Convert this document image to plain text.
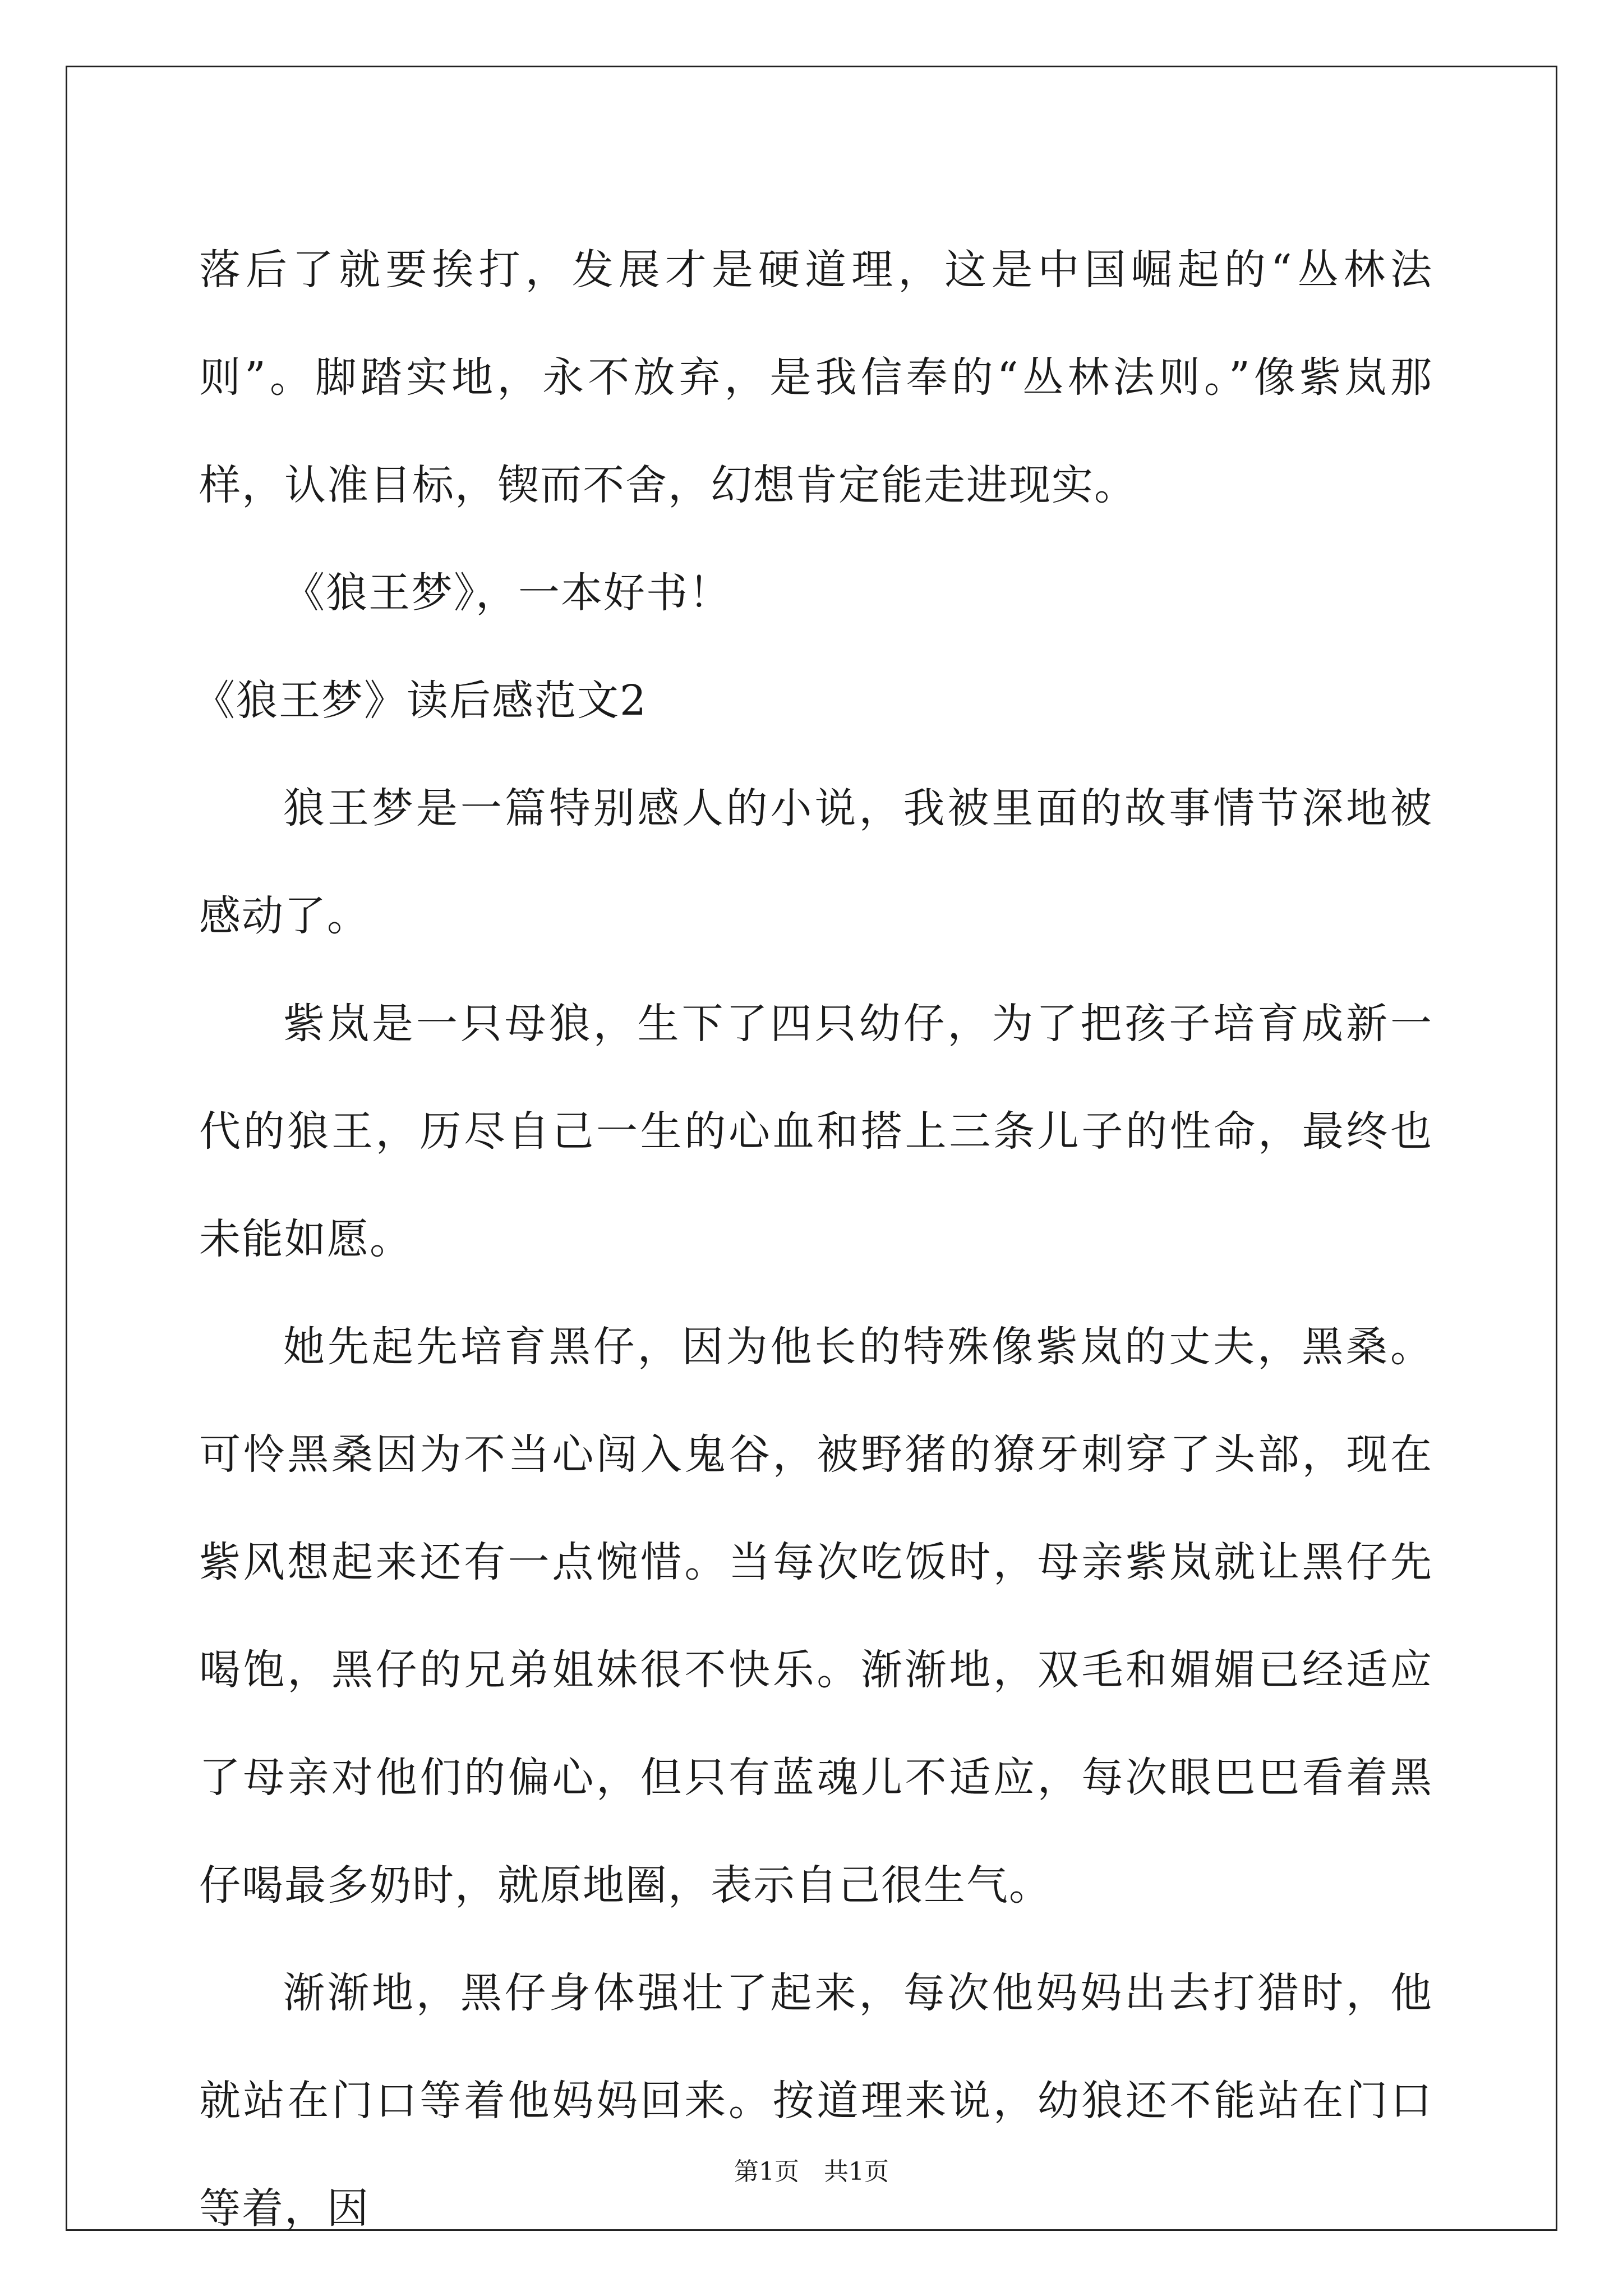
落后了就要挨打，发展才是硬道理，这是中国崛起的“丛林法则”。脚踏实地，永不放弃，是我信奉的“丛林法则。”像紫岚那样，认准目标，锲而不舍，幻想肯定能走进现实。

《狼王梦》，一本好书！

《狼王梦》读后感范文2

狼王梦是一篇特别感人的小说，我被里面的故事情节深地被感动了。

紫岚是一只母狼，生下了四只幼仔，为了把孩子培育成新一代的狼王，历尽自己一生的心血和搭上三条儿子的性命，最终也未能如愿。

她先起先培育黑仔，因为他长的特殊像紫岚的丈夫，黑桑。可怜黑桑因为不当心闯入鬼谷，被野猪的獠牙刺穿了头部，现在紫风想起来还有一点惋惜。当每次吃饭时，母亲紫岚就让黑仔先喝饱，黑仔的兄弟姐妹很不快乐。渐渐地，双毛和媚媚已经适应了母亲对他们的偏心，但只有蓝魂儿不适应，每次眼巴巴看着黑仔喝最多奶时，就原地圈，表示自己很生气。

渐渐地，黑仔身体强壮了起来，每次他妈妈出去打猎时，他就站在门口等着他妈妈回来。按道理来说，幼狼还不能站在门口等着，因

第1页　共1页
